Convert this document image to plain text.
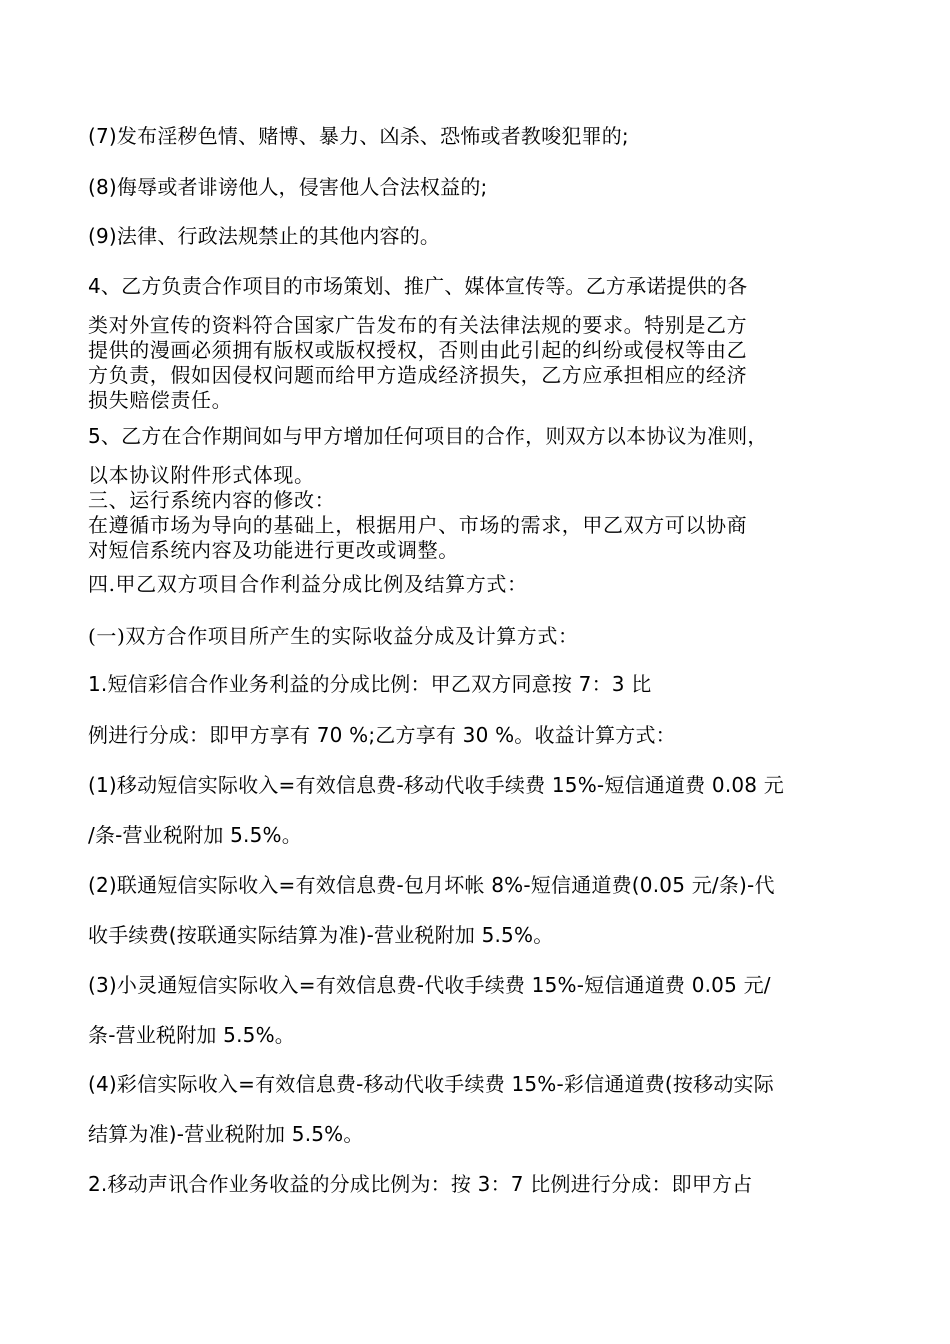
(7)发布淫秽色情、赌博、暴力、凶杀、恐怖或者教唆犯罪的;

(8)侮辱或者诽谤他人，侵害他人合法权益的;

(9)法律、行政法规禁止的其他内容的。

4、乙方负责合作项目的市场策划、推广、媒体宣传等。乙方承诺提供的各

类对外宣传的资料符合国家广告发布的有关法律法规的要求。特别是乙方

提供的漫画必须拥有版权或版权授权，否则由此引起的纠纷或侵权等由乙

方负责，假如因侵权问题而给甲方造成经济损失，乙方应承担相应的经济

损失赔偿责任。

5、乙方在合作期间如与甲方增加任何项目的合作，则双方以本协议为准则，

以本协议附件形式体现。

三、运行系统内容的修改：

在遵循市场为导向的基础上，根据用户、市场的需求，甲乙双方可以协商

对短信系统内容及功能进行更改或调整。

四.甲乙双方项目合作利益分成比例及结算方式：

(一)双方合作项目所产生的实际收益分成及计算方式：

1.短信彩信合作业务利益的分成比例：甲乙双方同意按 7：3 比

例进行分成：即甲方享有 70 %;乙方享有 30 %。收益计算方式：

(1)移动短信实际收入=有效信息费-移动代收手续费 15%-短信通道费 0.08 元

/条-营业税附加 5.5%。

(2)联通短信实际收入=有效信息费-包月坏帐 8%-短信通道费(0.05 元/条)-代

收手续费(按联通实际结算为准)-营业税附加 5.5%。

(3)小灵通短信实际收入=有效信息费-代收手续费 15%-短信通道费 0.05 元/

条-营业税附加 5.5%。

(4)彩信实际收入=有效信息费-移动代收手续费 15%-彩信通道费(按移动实际

结算为准)-营业税附加 5.5%。

2.移动声讯合作业务收益的分成比例为：按 3：7 比例进行分成：即甲方占
